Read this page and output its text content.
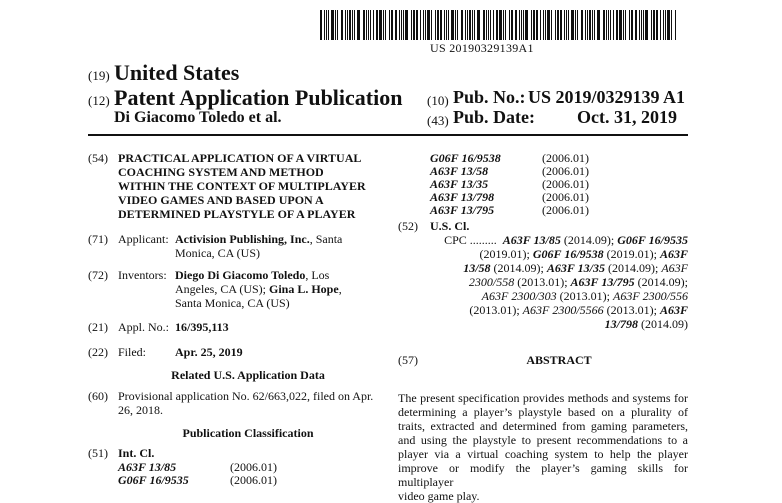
US 20190329139A1
(19) United States
(12) Patent Application Publication
Di Giacomo Toledo et al.
(10) Pub. No.: US 2019/0329139 A1
(43) Pub. Date: Oct. 31, 2019
(54) PRACTICAL APPLICATION OF A VIRTUAL
COACHING SYSTEM AND METHOD
WITHIN THE CONTEXT OF MULTIPLAYER
VIDEO GAMES AND BASED UPON A
DETERMINED PLAYSTYLE OF A PLAYER
(71) Applicant: Activision Publishing, Inc., Santa
Monica, CA (US)
(72) Inventors: Diego Di Giacomo Toledo, Los
Angeles, CA (US); Gina L. Hope,
Santa Monica, CA (US)
(21) Appl. No.: 16/395,113
(22) Filed: Apr. 25, 2019
Related U.S. Application Data
(60) Provisional application No. 62/663,022, filed on Apr.
26, 2018.
Publication Classification
(51) Int. Cl.
A63F 13/85	(2006.01)
G06F 16/9535	(2006.01)
G06F 16/9538	(2006.01)
A63F 13/58	(2006.01)
A63F 13/35	(2006.01)
A63F 13/798	(2006.01)
A63F 13/795	(2006.01)
(52) U.S. Cl.
CPC ......... A63F 13/85 (2014.09); G06F 16/9535
(2019.01); G06F 16/9538 (2019.01); A63F
13/58 (2014.09); A63F 13/35 (2014.09); A63F
2300/558 (2013.01); A63F 13/795 (2014.09);
A63F 2300/303 (2013.01); A63F 2300/556
(2013.01); A63F 2300/5566 (2013.01); A63F
13/798 (2014.09)
(57)	ABSTRACT
The present specification provides methods and systems for
determining a player’s playstyle based on a plurality of
traits, extracted and determined from gaming parameters,
and using the playstyle to present recommendations to a
player via a virtual coaching system to help the player
improve or modify the player’s gaming skills for multiplayer
video game play.
